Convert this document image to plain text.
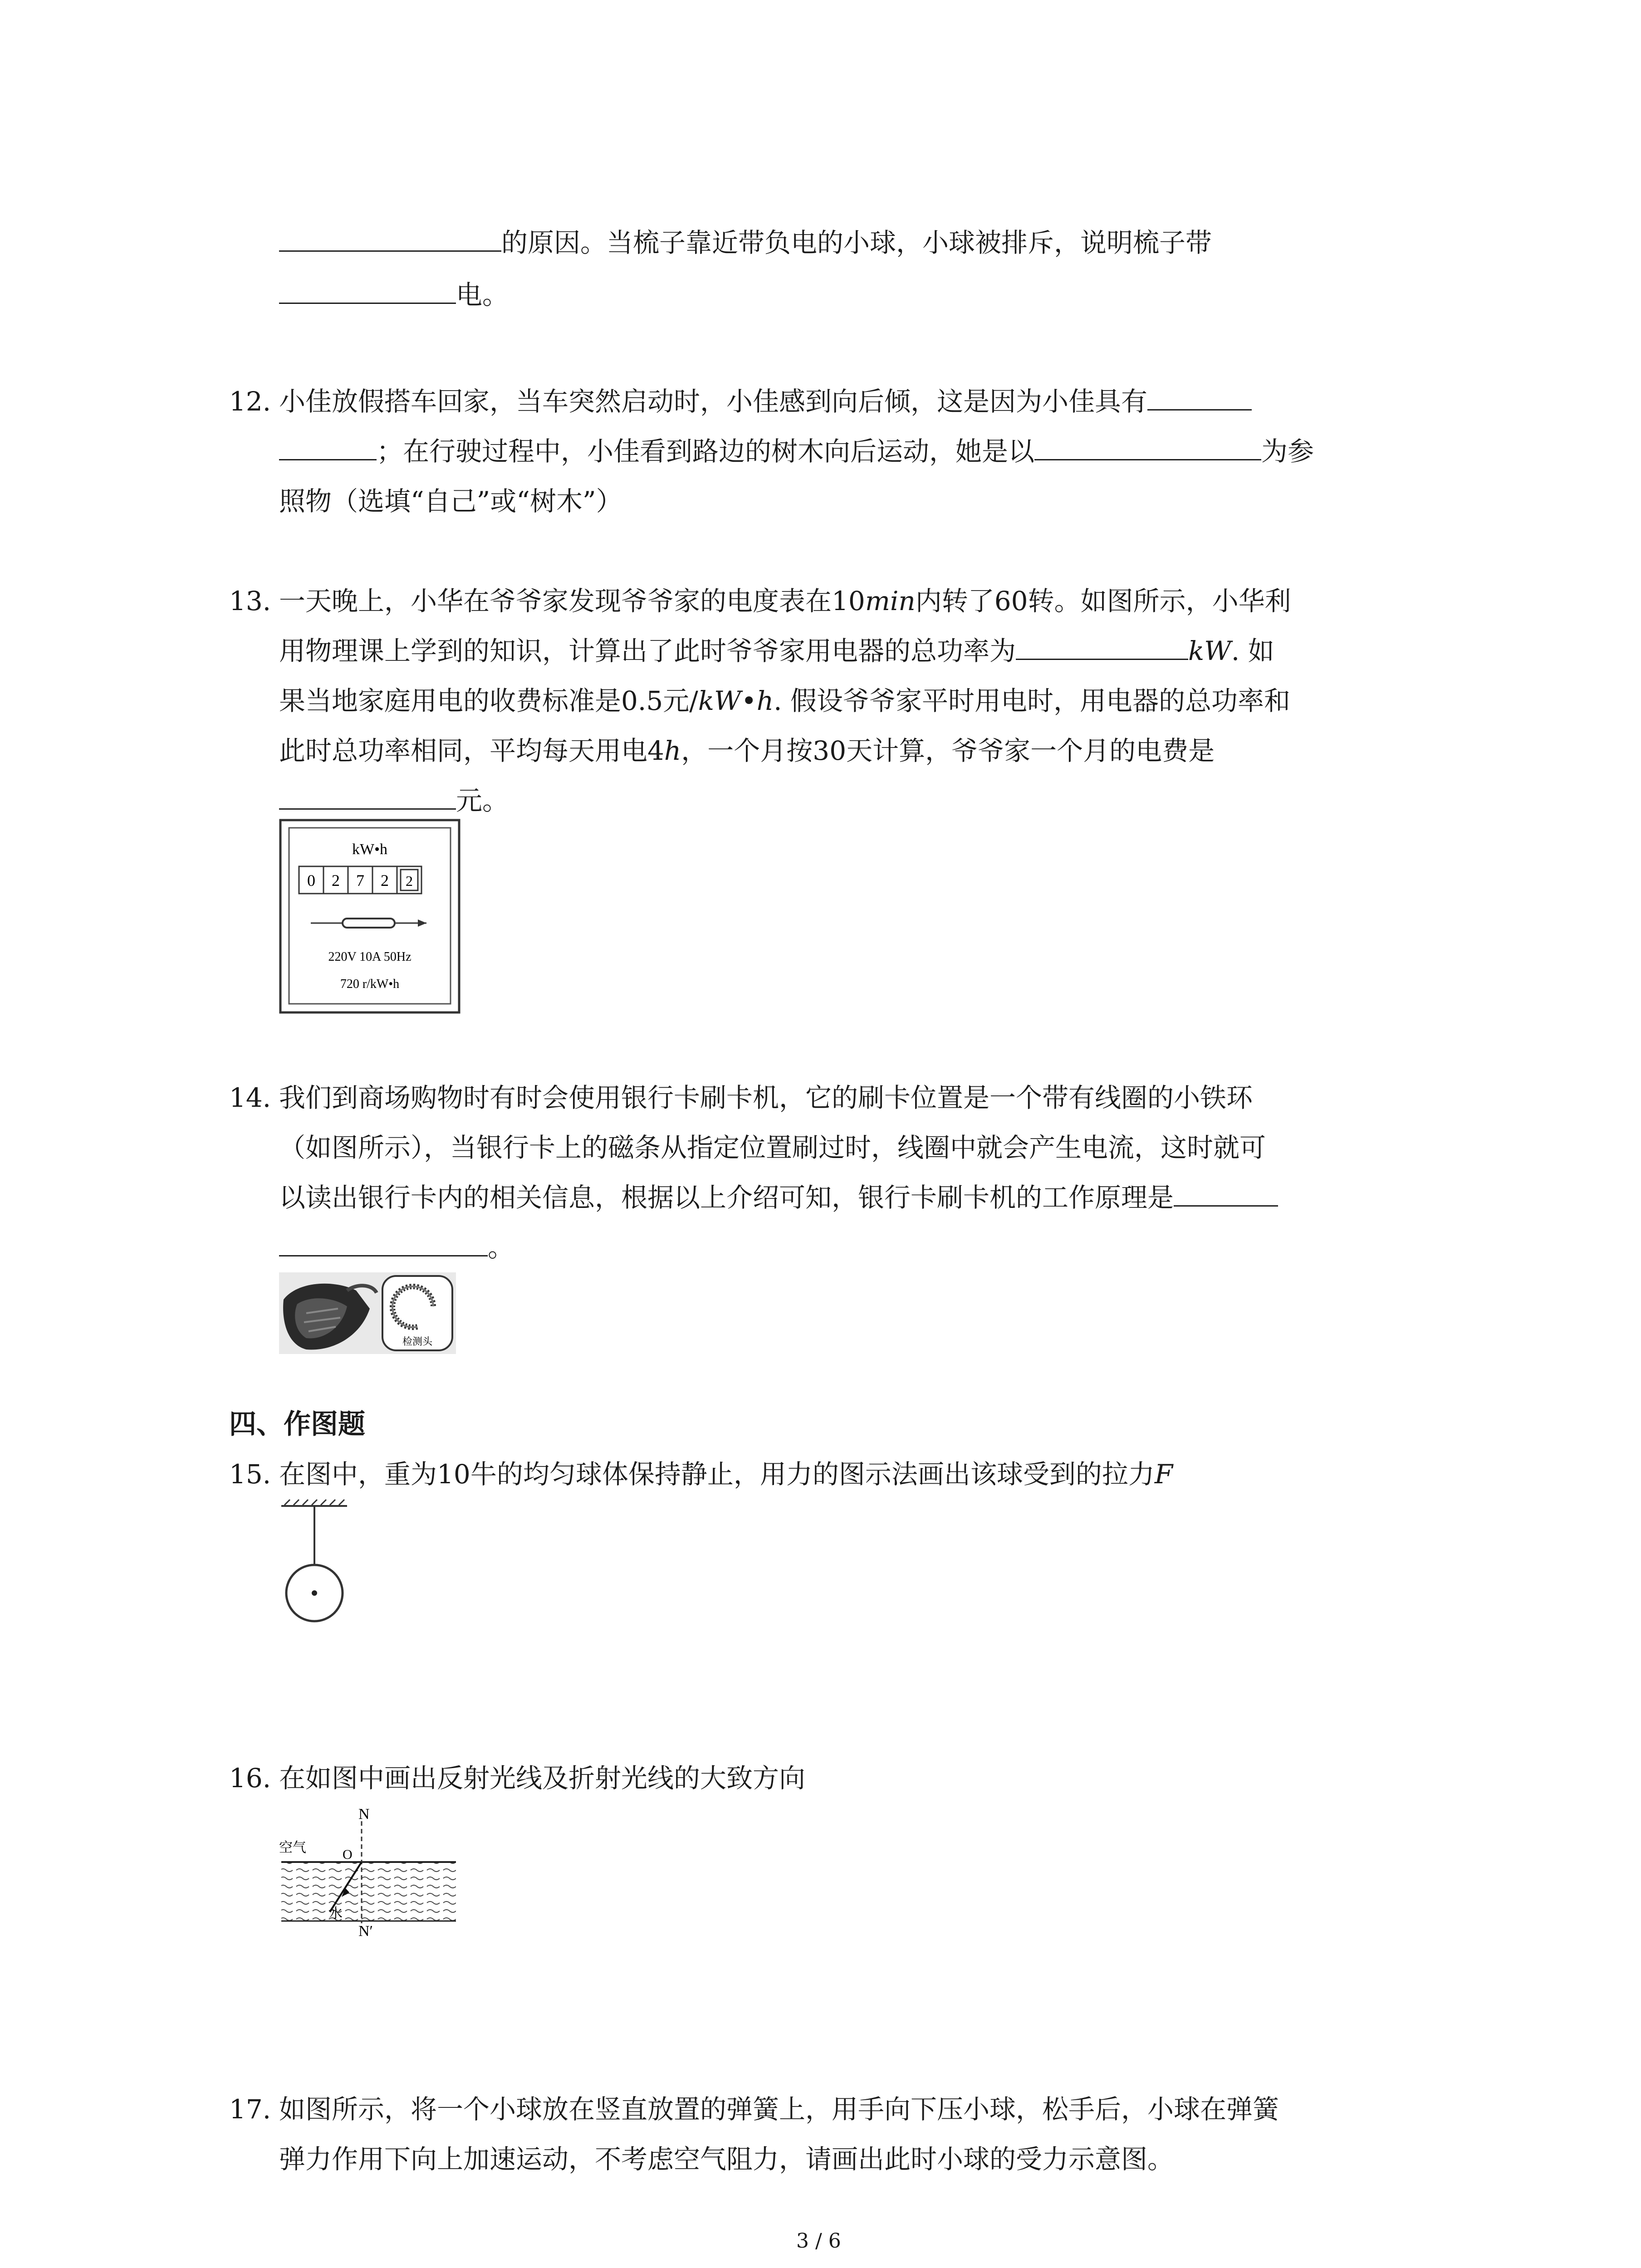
的原因。当梳子靠近带负电的小球，小球被排斥，说明梳子带
电。
12. 小佳放假搭车回家，当车突然启动时，小佳感到向后倾，这是因为小佳具有
；在行驶过程中，小佳看到路边的树木向后运动，她是以	为参
照物（选填“自己”或“树木”）
13. 一天晚上，小华在爷爷家发现爷爷家的电度表在10min内转了60转。如图所示，小华利
用物理课上学到的知识，计算出了此时爷爷家用电器的总功率为	kW. 如
果当地家庭用电的收费标准是0.5元/kW•h. 假设爷爷家平时用电时，用电器的总功率和
此时总功率相同，平均每天用电4h，一个月按30天计算，爷爷家一个月的电费是
元。
kW•h
0 2 7 2 2
220V 10A 50Hz
720 r/kW•h
14. 我们到商场购物时有时会使用银行卡刷卡机，它的刷卡位置是一个带有线圈的小铁环
（如图所示），当银行卡上的磁条从指定位置刷过时，线圈中就会产生电流，这时就可
以读出银行卡内的相关信息，根据以上介绍可知，银行卡刷卡机的工作原理是
。
检测头
四、作图题
15. 在图中，重为10牛的均匀球体保持静止，用力的图示法画出该球受到的拉力F
16. 在如图中画出反射光线及折射光线的大致方向
N
空气	O
水
N′
17. 如图所示，将一个小球放在竖直放置的弹簧上，用手向下压小球，松手后，小球在弹簧
弹力作用下向上加速运动，不考虑空气阻力，请画出此时小球的受力示意图。
3 / 6
